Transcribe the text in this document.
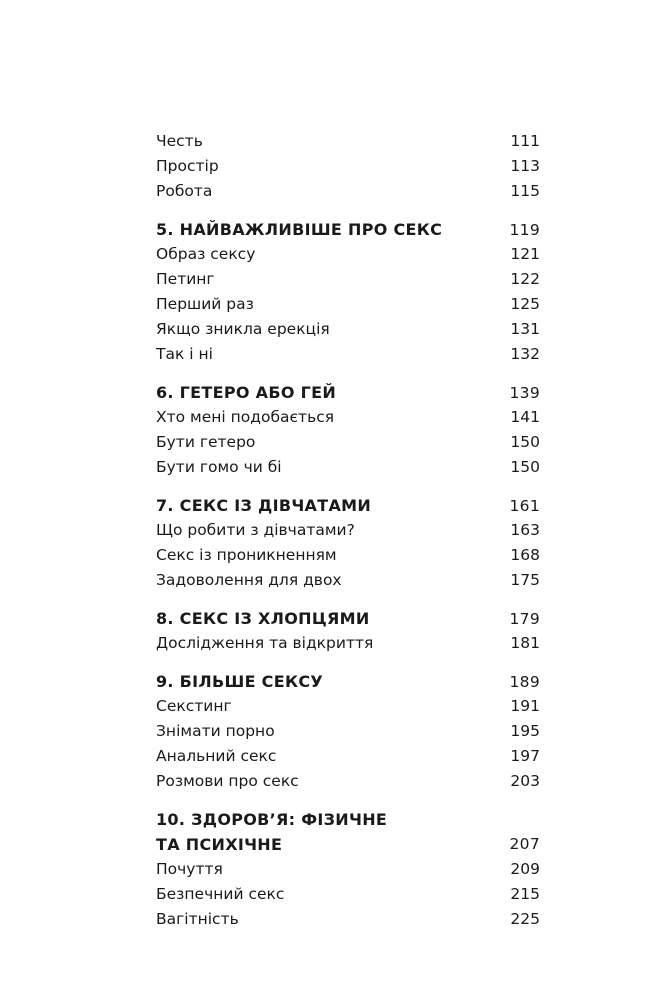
Честь	111
Простір	113
Робота	115
5. НАЙВАЖЛИВІШЕ ПРО СЕКС	119
Образ сексу	121
Петинг	122
Перший раз	125
Якщо зникла ерекція	131
Так і ні	132
6. ГЕТЕРО АБО ГЕЙ	139
Хто мені подобається	141
Бути гетеро	150
Бути гомо чи бі	150
7. СЕКС ІЗ ДІВЧАТАМИ	161
Що робити з дівчатами?	163
Секс із проникненням	168
Задоволення для двох	175
8. СЕКС ІЗ ХЛОПЦЯМИ	179
Дослідження та відкриття	181
9. БІЛЬШЕ СЕКСУ	189
Секстинг	191
Знімати порно	195
Анальний секс	197
Розмови про секс	203
10. ЗДОРОВ’Я: ФІЗИЧНЕ
ТА ПСИХІЧНЕ	207
Почуття	209
Безпечний секс	215
Вагітність	225
